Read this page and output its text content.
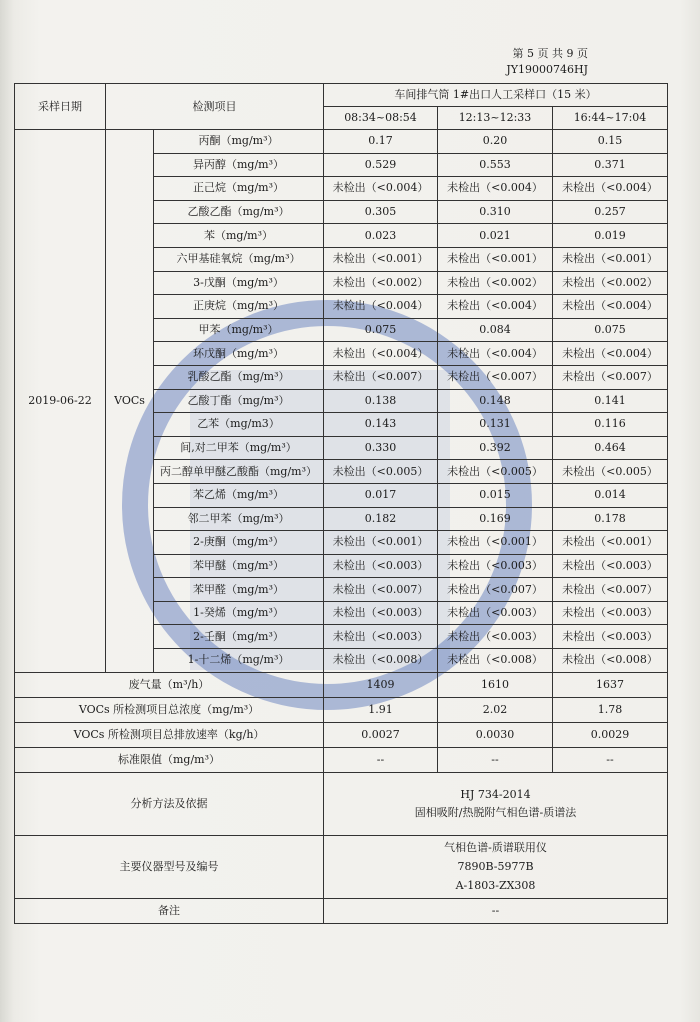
第 5 页 共 9 页
JY19000746HJ
采样日期	检测项目		车间排气筒 1#出口人工采样口（15 米）		
			08:34~08:54	12:13~12:33	16:44~17:04
2019-06-22	VOCs	丙酮（mg/m³）	0.17	0.20	0.15
		异丙醇（mg/m³）	0.529	0.553	0.371
		正己烷（mg/m³）	未检出（<0.004）	未检出（<0.004）	未检出（<0.004）
		乙酸乙酯（mg/m³）	0.305	0.310	0.257
		苯（mg/m³）	0.023	0.021	0.019
		六甲基硅氧烷（mg/m³）	未检出（<0.001）	未检出（<0.001）	未检出（<0.001）
		3-戊酮（mg/m³）	未检出（<0.002）	未检出（<0.002）	未检出（<0.002）
		正庚烷（mg/m³）	未检出（<0.004）	未检出（<0.004）	未检出（<0.004）
		甲苯（mg/m³）	0.075	0.084	0.075
		环戊酮（mg/m³）	未检出（<0.004）	未检出（<0.004）	未检出（<0.004）
		乳酸乙酯（mg/m³）	未检出（<0.007）	未检出（<0.007）	未检出（<0.007）
		乙酸丁酯（mg/m³）	0.138	0.148	0.141
		乙苯（mg/m3）	0.143	0.131	0.116
		间,对二甲苯（mg/m³）	0.330	0.392	0.464
		丙二醇单甲醚乙酸酯（mg/m³）	未检出（<0.005）	未检出（<0.005）	未检出（<0.005）
		苯乙烯（mg/m³）	0.017	0.015	0.014
		邻二甲苯（mg/m³）	0.182	0.169	0.178
		2-庚酮（mg/m³）	未检出（<0.001）	未检出（<0.001）	未检出（<0.001）
		苯甲醚（mg/m³）	未检出（<0.003）	未检出（<0.003）	未检出（<0.003）
		苯甲醛（mg/m³）	未检出（<0.007）	未检出（<0.007）	未检出（<0.007）
		1-癸烯（mg/m³）	未检出（<0.003）	未检出（<0.003）	未检出（<0.003）
		2-壬酮（mg/m³）	未检出（<0.003）	未检出（<0.003）	未检出（<0.003）
		1-十二烯（mg/m³）	未检出（<0.008）	未检出（<0.008）	未检出（<0.008）
废气量（m³/h）			1409	1610	1637
VOCs 所检测项目总浓度（mg/m³）			1.91	2.02	1.78
VOCs 所检测项目总排放速率（kg/h）			0.0027	0.0030	0.0029
标准限值（mg/m³）			--	--	--
分析方法及依据			HJ 734-2014
固相吸附/热脱附气相色谱-质谱法		

主要仪器型号及编号			气相色谱-质谱联用仪
7890B-5977B
A-1803-ZX308		

备注			--		
